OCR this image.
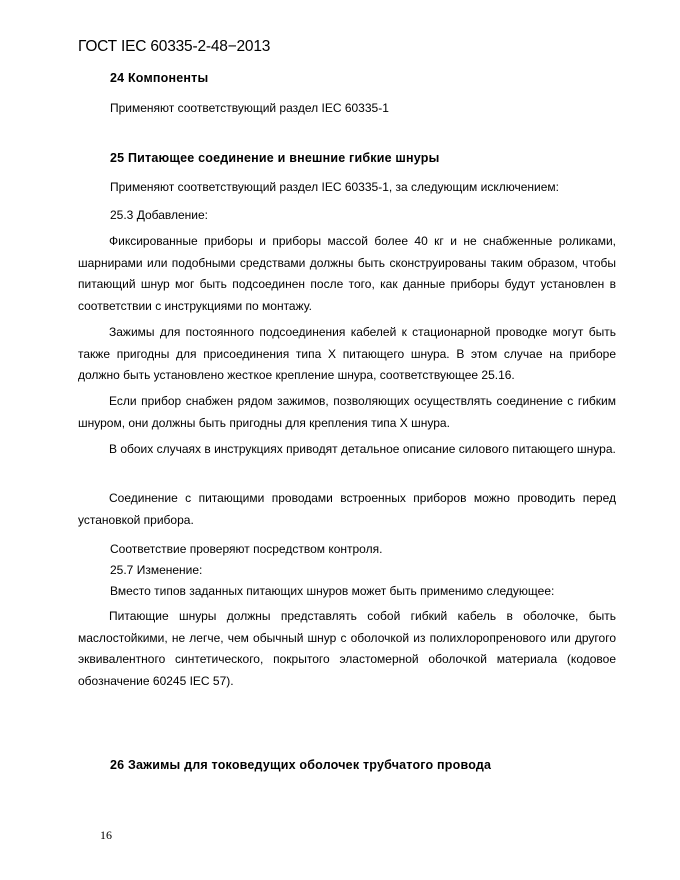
ГОСТ IEC 60335-2-48−2013
24 Компоненты
Применяют соответствующий раздел IEC 60335-1
25 Питающее соединение и внешние гибкие шнуры
Применяют соответствующий раздел IEC 60335-1, за следующим исключением:
25.3 Добавление:

Фиксированные приборы и приборы массой более 40 кг и не снабженные роликами, шарнирами или подобными средствами должны быть сконструированы таким образом, чтобы питающий шнур мог быть подсоединен после того, как данные приборы будут установлен в соответствии с инструкциями по монтажу.

Зажимы для постоянного подсоединения кабелей к стационарной проводке могут быть также пригодны для присоединения типа Х питающего шнура. В этом случае на приборе должно быть установлено жесткое крепление шнура, соответствующее 25.16.

Если прибор снабжен рядом зажимов, позволяющих осуществлять соединение с гибким шнуром, они должны быть пригодны для крепления типа Х шнура.

В обоих случаях в инструкциях приводят детальное описание силового питающего шнура.

Соединение с питающими проводами встроенных приборов можно проводить перед установкой прибора.

Соответствие проверяют посредством контроля.
25.7 Изменение:
Вместо типов заданных питающих шнуров может быть применимо следующее:

Питающие шнуры должны представлять собой гибкий кабель в оболочке, быть маслостойкими, не легче, чем обычный шнур с оболочкой из полихлоропренового или другого эквивалентного синтетического, покрытого эластомерной оболочкой материала (кодовое обозначение 60245 IEC 57).

26 Зажимы для токоведущих оболочек трубчатого провода
16
